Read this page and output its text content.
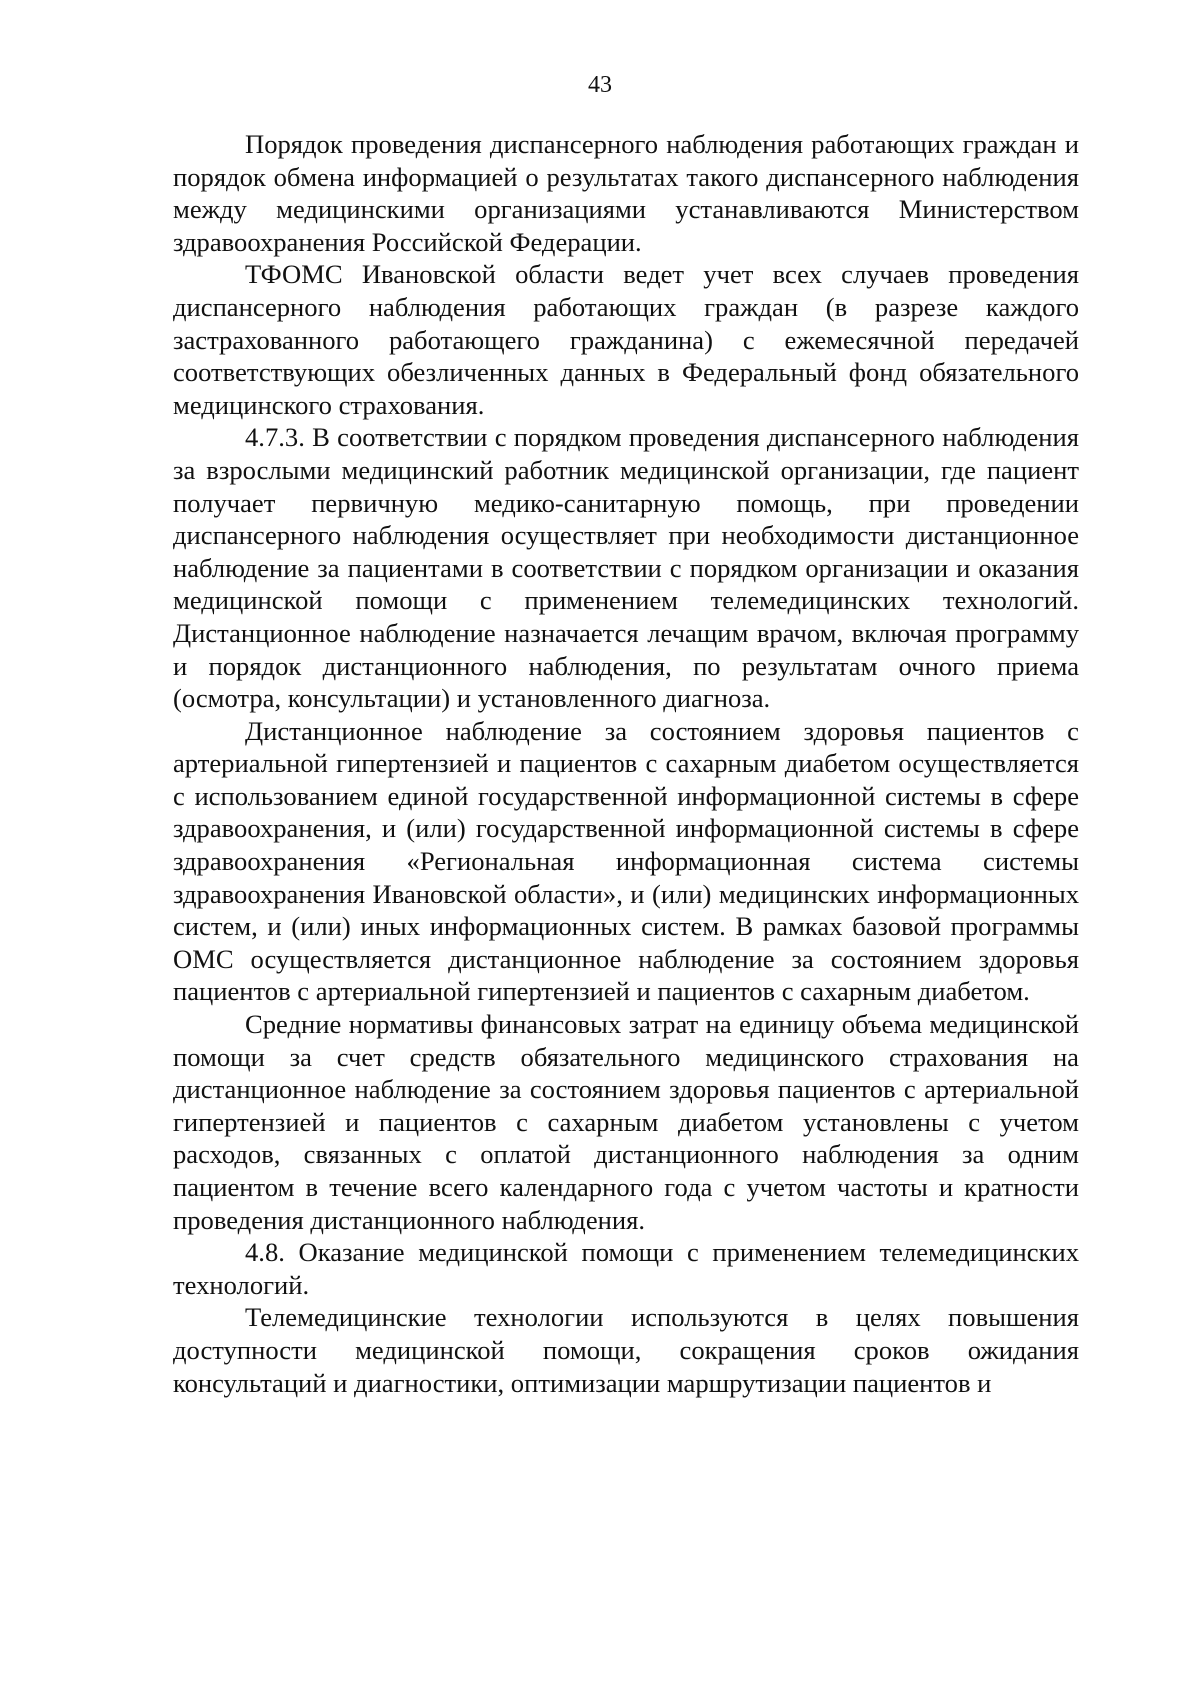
43

Порядок проведения диспансерного наблюдения работающих граждан и порядок обмена информацией о результатах такого диспансерного наблюдения между медицинскими организациями устанавливаются Министерством здравоохранения Российской Федерации.

ТФОМС Ивановской области ведет учет всех случаев проведения диспансерного наблюдения работающих граждан (в разрезе каждого застрахованного работающего гражданина) с ежемесячной передачей соответствующих обезличенных данных в Федеральный фонд обязательного медицинского страхования.

4.7.3. В соответствии с порядком проведения диспансерного наблюдения за взрослыми медицинский работник медицинской организации, где пациент получает первичную медико-санитарную помощь, при проведении диспансерного наблюдения осуществляет при необходимости дистанционное наблюдение за пациентами в соответствии с порядком организации и оказания медицинской помощи с применением телемедицинских технологий. Дистанционное наблюдение назначается лечащим врачом, включая программу и порядок дистанционного наблюдения, по результатам очного приема (осмотра, консультации) и установленного диагноза.

Дистанционное наблюдение за состоянием здоровья пациентов с артериальной гипертензией и пациентов с сахарным диабетом осуществляется с использованием единой государственной информационной системы в сфере здравоохранения, и (или) государственной информационной системы в сфере здравоохранения «Региональная информационная система системы здравоохранения Ивановской области», и (или) медицинских информационных систем, и (или) иных информационных систем. В рамках базовой программы ОМС осуществляется дистанционное наблюдение за состоянием здоровья пациентов с артериальной гипертензией и пациентов с сахарным диабетом.

Средние нормативы финансовых затрат на единицу объема медицинской помощи за счет средств обязательного медицинского страхования на дистанционное наблюдение за состоянием здоровья пациентов с артериальной гипертензией и пациентов с сахарным диабетом установлены с учетом расходов, связанных с оплатой дистанционного наблюдения за одним пациентом в течение всего календарного года с учетом частоты и кратности проведения дистанционного наблюдения.

4.8. Оказание медицинской помощи с применением телемедицинских технологий.

Телемедицинские технологии используются в целях повышения доступности медицинской помощи, сокращения сроков ожидания консультаций и диагностики, оптимизации маршрутизации пациентов и
